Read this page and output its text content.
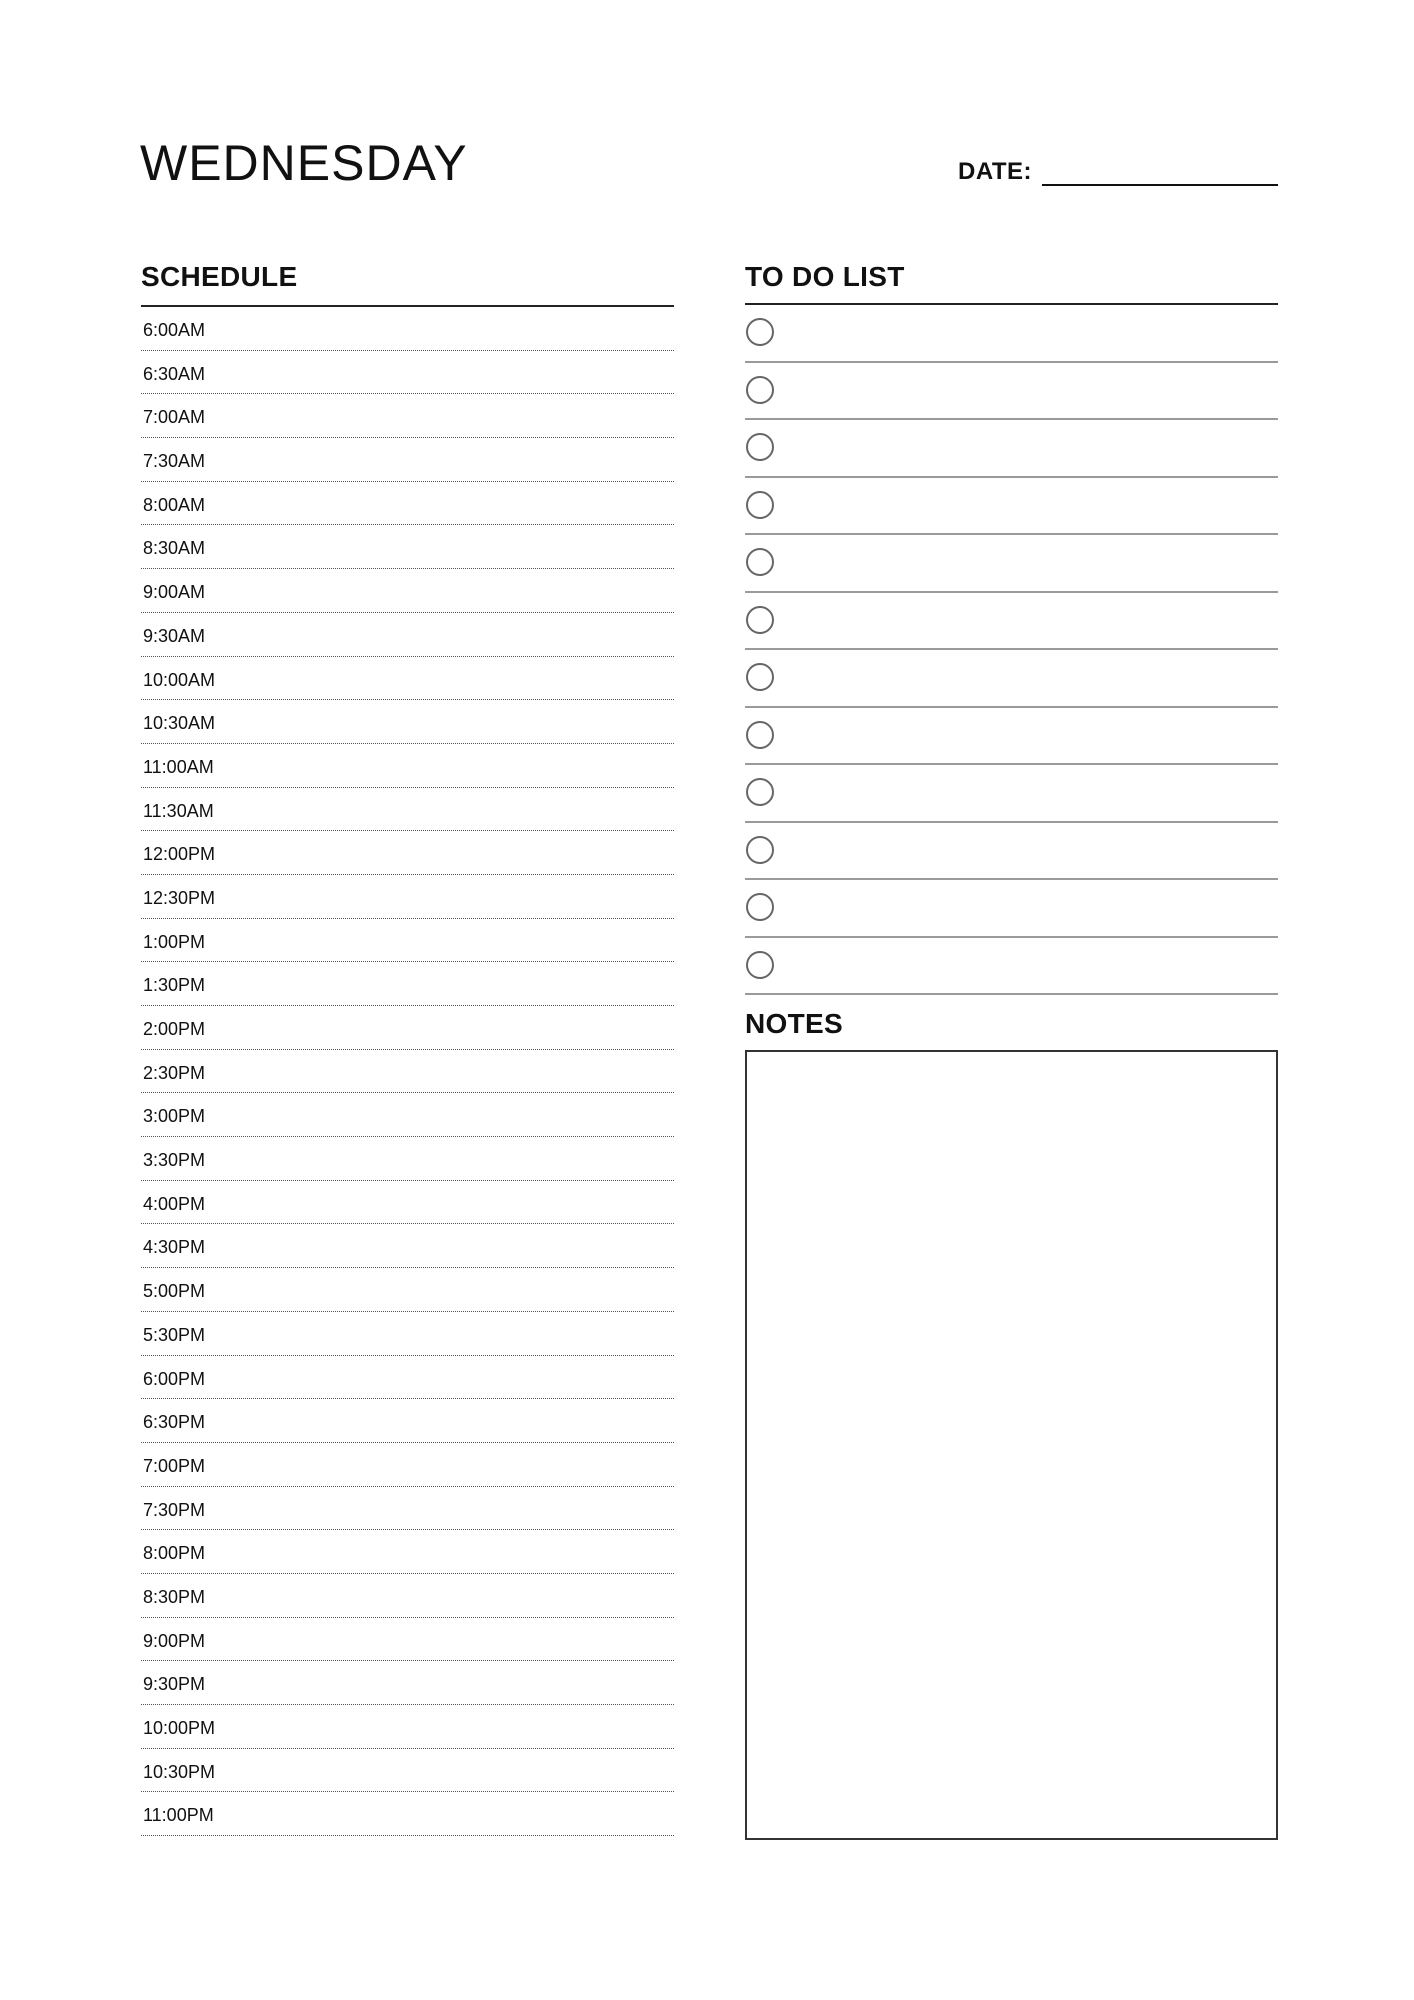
WEDNESDAY	DATE:
SCHEDULE
6:00AM
6:30AM
7:00AM
7:30AM
8:00AM
8:30AM
9:00AM
9:30AM
10:00AM
10:30AM
11:00AM
11:30AM
12:00PM
12:30PM
1:00PM
1:30PM
2:00PM
2:30PM
3:00PM
3:30PM
4:00PM
4:30PM
5:00PM
5:30PM
6:00PM
6:30PM
7:00PM
7:30PM
8:00PM
8:30PM
9:00PM
9:30PM
10:00PM
10:30PM
11:00PM
TO DO LIST
NOTES
